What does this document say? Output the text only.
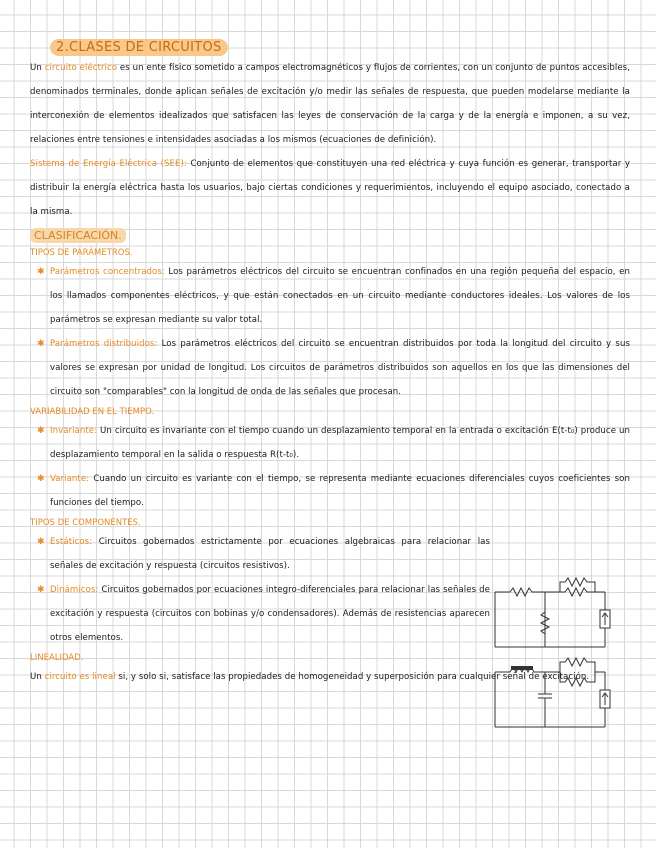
2.CLASES DE CIRCUITOS

Un circuito eléctrico es un ente físico sometido a campos electromagnéticos y flujos de corrientes, con un conjunto de puntos accesibles, denominados terminales, donde aplican señales de excitación y/o medir las señales de respuesta, que pueden modelarse mediante la interconexión de elementos idealizados que satisfacen las leyes de conservación de la carga y de la energía e imponen, a su vez, relaciones entre tensiones e intensidades asociadas a los mismos (ecuaciones de definición).

Sistema de Energía Eléctrica (SEE): Conjunto de elementos que constituyen una red eléctrica y cuya función es generar, transportar y distribuir la energía eléctrica hasta los usuarios, bajo ciertas condiciones y requerimientos, incluyendo el equipo asociado, conectado a la misma.

CLASIFICACIÓN.
TIPOS DE PARÁMETROS.

✱ Parámetros concentrados: Los parámetros eléctricos del circuito se encuentran confinados en una región pequeña del espacio, en los llamados componentes eléctricos, y que están conectados en un circuito mediante conductores ideales. Los valores de los parámetros se expresan mediante su valor total.

✱ Parámetros distribuidos: Los parámetros eléctricos del circuito se encuentran distribuidos por toda la longitud del circuito y sus valores se expresan por unidad de longitud. Los circuitos de parámetros distribuidos son aquellos en los que las dimensiones del circuito son "comparables" con la longitud de onda de las señales que procesan.

VARIABILIDAD EN EL TIEMPO.

✱ Invariante: Un circuito es invariante con el tiempo cuando un desplazamiento temporal en la entrada o excitación E(t-t₀) produce un desplazamiento temporal en la salida o respuesta R(t-t₀).

✱ Variante: Cuando un circuito es variante con el tiempo, se representa mediante ecuaciones diferenciales cuyos coeficientes son funciones del tiempo.

TIPOS DE COMPONENTES.

✱ Estáticos: Circuitos gobernados estrictamente por ecuaciones algebraicas para relacionar las señales de excitación y respuesta (circuitos resistivos).

✱ Dinámicos: Circuitos gobernados por ecuaciones integro-diferenciales para relacionar las señales de excitación y respuesta (circuitos con bobinas y/o condensadores). Además de resistencias aparecen otros elementos.

LINEALIDAD.

Un circuito es lineal si, y solo si, satisface las propiedades de homogeneidad y superposición para cualquier señal de excitación.
